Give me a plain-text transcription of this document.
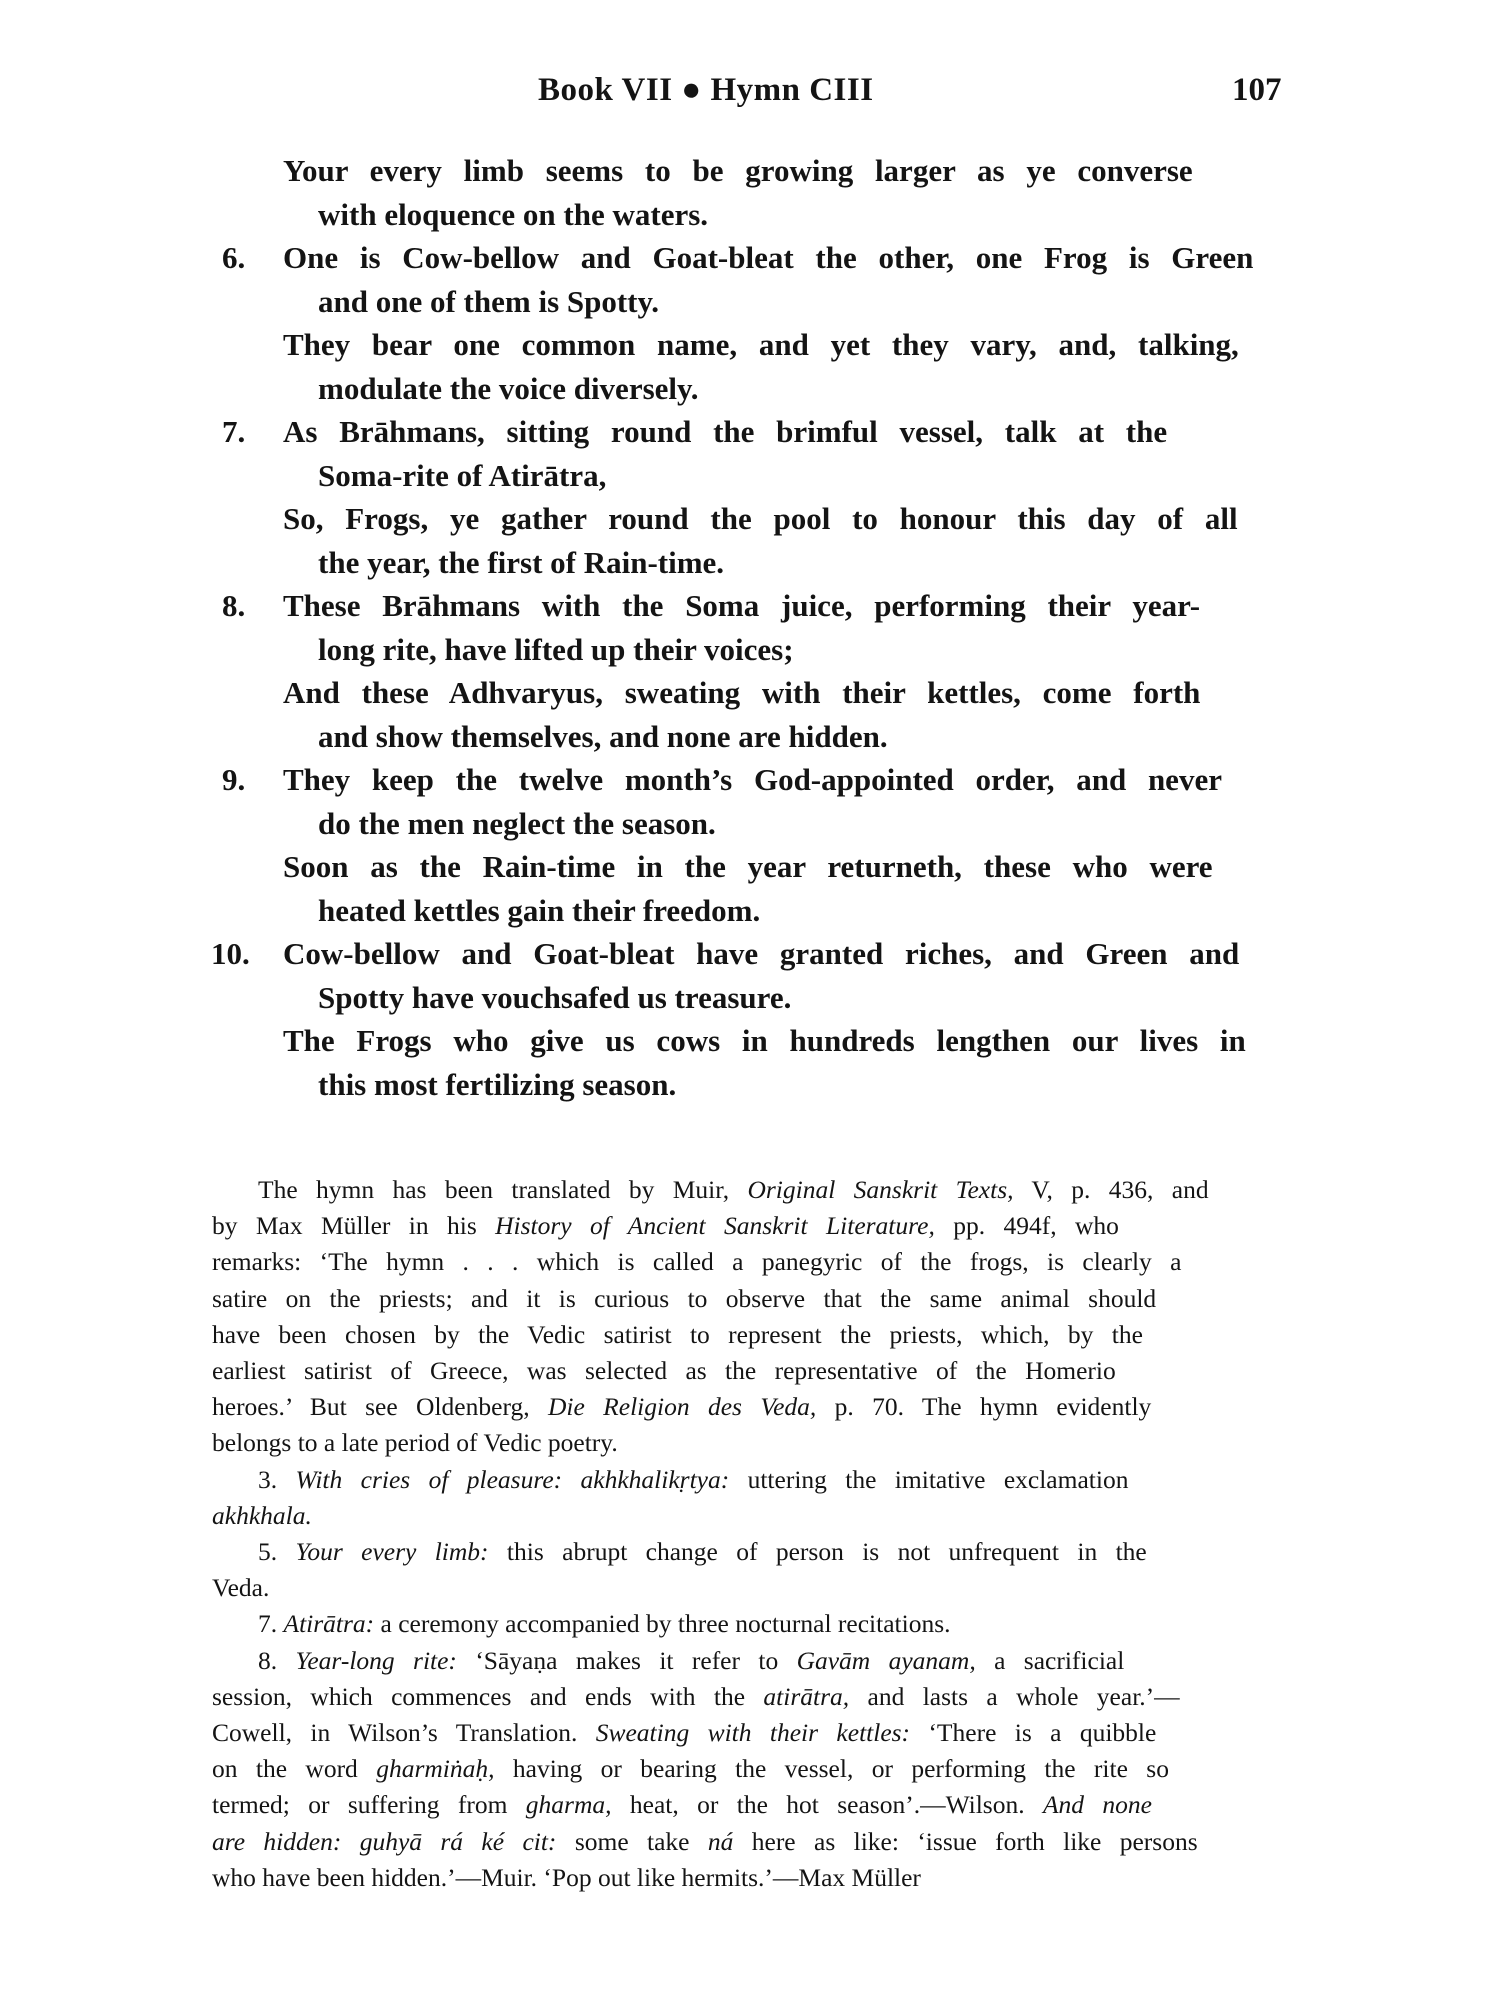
Book VII ● Hymn CIII	107
Your every limb seems to be growing larger as ye converse
with eloquence on the waters.
6. One is Cow-bellow and Goat-bleat the other, one Frog is Green
and one of them is Spotty.
They bear one common name, and yet they vary, and, talking,
modulate the voice diversely.
7. As Brāhmans, sitting round the brimful vessel, talk at the
Soma-rite of Atirātra,
So, Frogs, ye gather round the pool to honour this day of all
the year, the first of Rain-time.
8. These Brāhmans with the Soma juice, performing their year-
long rite, have lifted up their voices;
And these Adhvaryus, sweating with their kettles, come forth
and show themselves, and none are hidden.
9. They keep the twelve month’s God-appointed order, and never
do the men neglect the season.
Soon as the Rain-time in the year returneth, these who were
heated kettles gain their freedom.
10. Cow-bellow and Goat-bleat have granted riches, and Green and
Spotty have vouchsafed us treasure.
The Frogs who give us cows in hundreds lengthen our lives in
this most fertilizing season.
The hymn has been translated by Muir, Original Sanskrit Texts, V, p. 436, and
by Max Müller in his History of Ancient Sanskrit Literature, pp. 494f, who
remarks: ‘The hymn . . . which is called a panegyric of the frogs, is clearly a
satire on the priests; and it is curious to observe that the same animal should
have been chosen by the Vedic satirist to represent the priests, which, by the
earliest satirist of Greece, was selected as the representative of the Homerio
heroes.’ But see Oldenberg, Die Religion des Veda, p. 70. The hymn evidently
belongs to a late period of Vedic poetry.
3. With cries of pleasure: akhkhalikṛtya: uttering the imitative exclamation
akhkhala.
5. Your every limb: this abrupt change of person is not unfrequent in the
Veda.
7. Atirātra: a ceremony accompanied by three nocturnal recitations.
8. Year-long rite: ‘Sāyaṇa makes it refer to Gavām ayanam, a sacrificial
session, which commences and ends with the atirātra, and lasts a whole year.’—
Cowell, in Wilson’s Translation. Sweating with their kettles: ‘There is a quibble
on the word gharmiṅaḥ, having or bearing the vessel, or performing the rite so
termed; or suffering from gharma, heat, or the hot season’.—Wilson. And none
are hidden: guhyā rá ké cit: some take ná here as like: ‘issue forth like persons
who have been hidden.’—Muir. ‘Pop out like hermits.’—Max Müller
